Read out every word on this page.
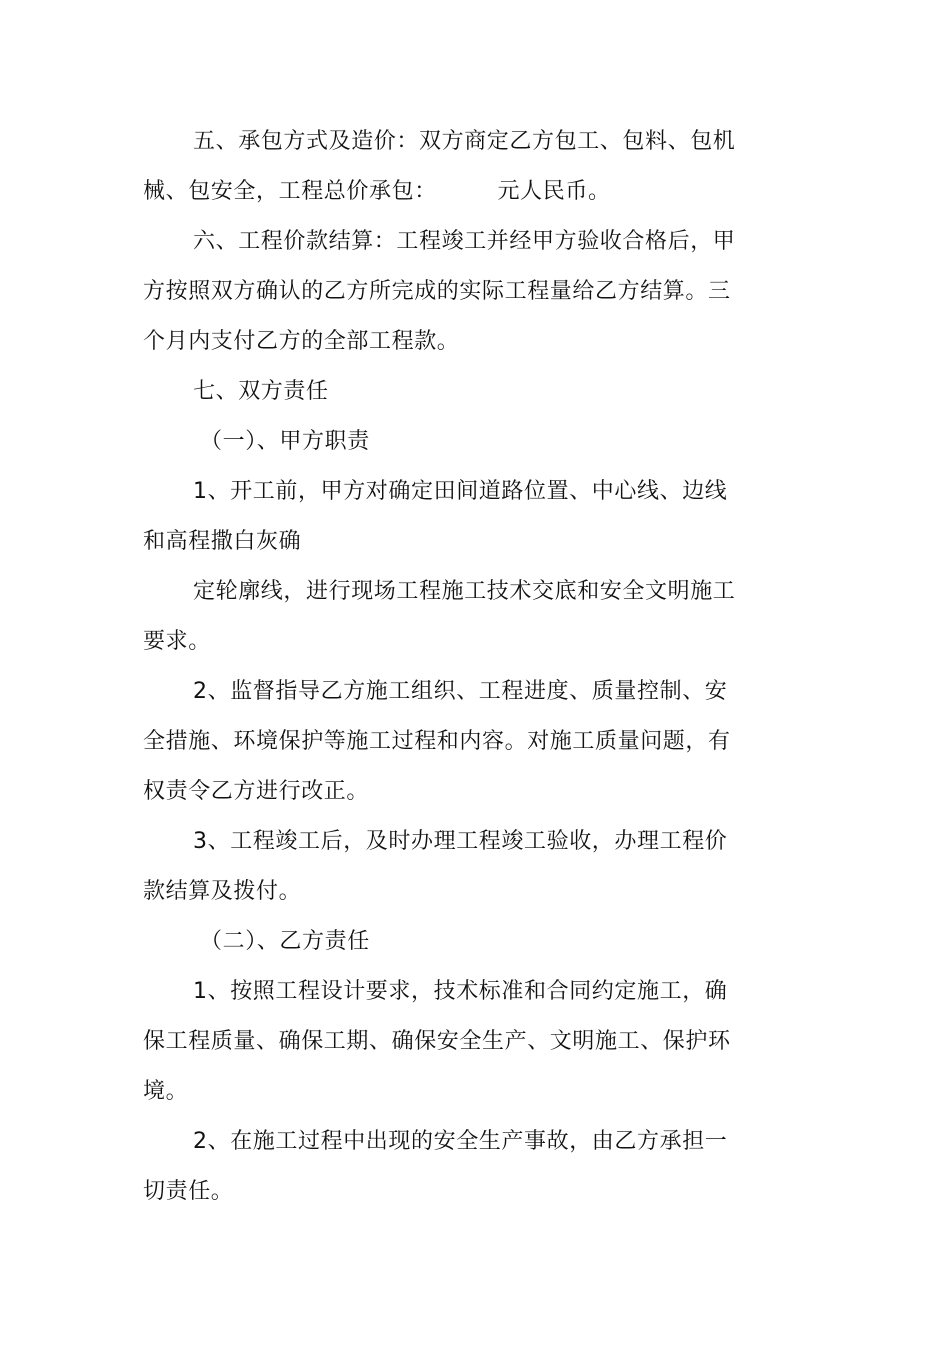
五、承包方式及造价：双方商定乙方包工、包料、包机
械、包安全，工程总价承包：        元人民币。
六、工程价款结算：工程竣工并经甲方验收合格后，甲
方按照双方确认的乙方所完成的实际工程量给乙方结算。三
个月内支付乙方的全部工程款。
七、双方责任
（一）、甲方职责
1、开工前，甲方对确定田间道路位置、中心线、边线
和高程撒白灰确
定轮廓线，进行现场工程施工技术交底和安全文明施工
要求。
2、监督指导乙方施工组织、工程进度、质量控制、安
全措施、环境保护等施工过程和内容。对施工质量问题，有
权责令乙方进行改正。
3、工程竣工后，及时办理工程竣工验收，办理工程价
款结算及拨付。
（二）、乙方责任
1、按照工程设计要求，技术标准和合同约定施工，确
保工程质量、确保工期、确保安全生产、文明施工、保护环
境。
2、在施工过程中出现的安全生产事故，由乙方承担一
切责任。
